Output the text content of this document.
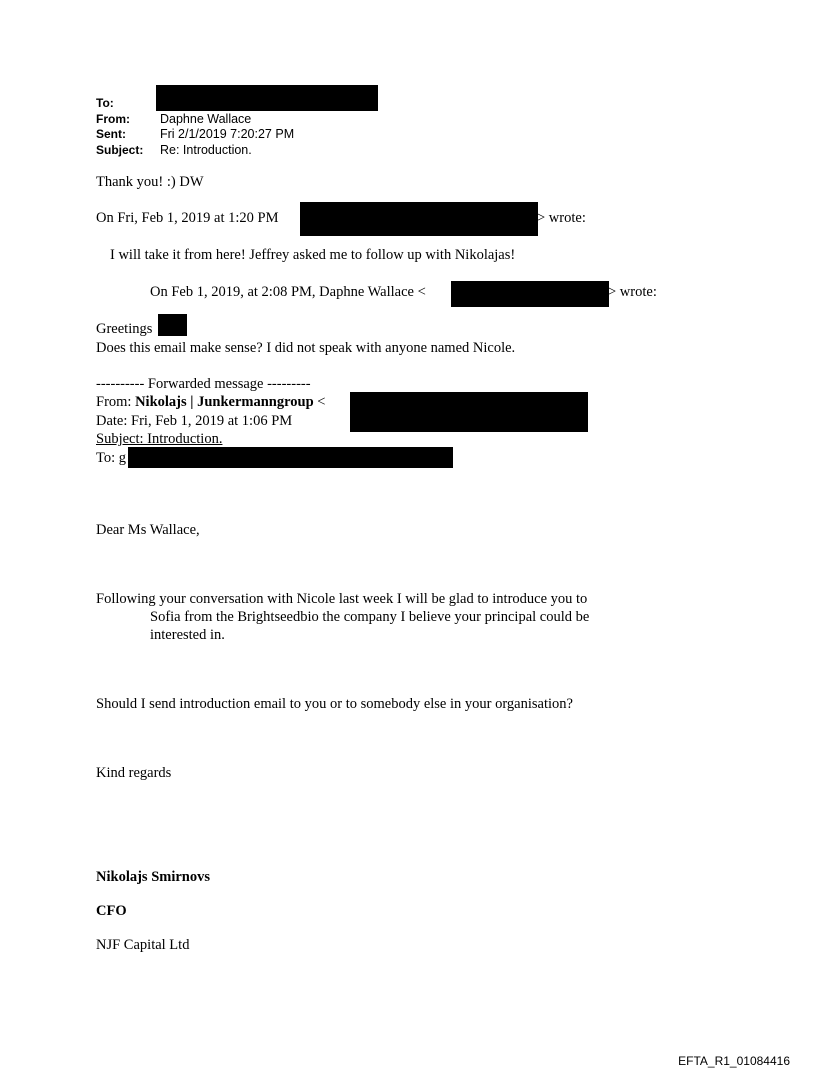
To:
From: Daphne Wallace
Sent:	Fri 2/1/2019 7:20:27 PM
Subject: Re: Introduction.
Thank you! :) DW
On Fri, Feb 1, 2019 at 1:20 PM	> wrote:
I will take it from here! Jeffrey asked me to follow up with Nikolajas!
On Feb 1, 2019, at 2:08 PM, Daphne Wallace <	> wrote:
Greetings
Does this email make sense? I did not speak with anyone named Nicole.
---------- Forwarded message ---------
From: Nikolajs | Junkermanngroup <
Date: Fri, Feb 1, 2019 at 1:06 PM
Subject: Introduction.
To: g
Dear Ms Wallace,
Following your conversation with Nicole last week I will be glad to introduce you to
Sofia from the Brightseedbio the company I believe your principal could be
interested in.
Should I send introduction email to you or to somebody else in your organisation?
Kind regards
Nikolajs Smirnovs
CFO
NJF Capital Ltd
EFTA_R1_01084416
